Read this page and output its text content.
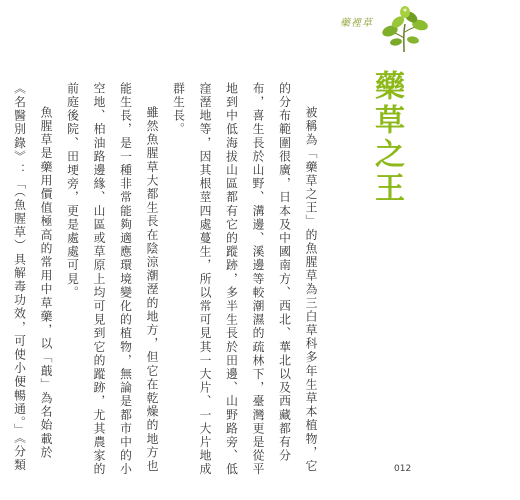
藥裡草
藥草之王

被稱為「藥草之王」的魚腥草為三白草科多年生草本植物，它的分布範圍很廣，日本及中國南方、西北、華北以及西藏都有分布，喜生長於山野、溝邊、溪邊等較潮濕的疏林下，臺灣更是從平地到中低海拔山區都有它的蹤跡，多半生長於田邊、山野路旁、低窪溼地等，因其根莖四處蔓生，所以常可見其一大片、一大片地成群生長。

雖然魚腥草大都生長在陰涼潮溼的地方，但它在乾燥的地方也能生長，是一種非常能夠適應環境變化的植物，無論是都市中的小空地、柏油路邊緣、山區或草原上均可見到它的蹤跡，尤其農家的前庭後院、田埂旁，更是處處可見。

魚腥草是藥用價值極高的常用中草藥，以「蕺」為名始載於《名醫別錄》：「（魚腥草）具解毒功效，可使小便暢通。」《分類	012
